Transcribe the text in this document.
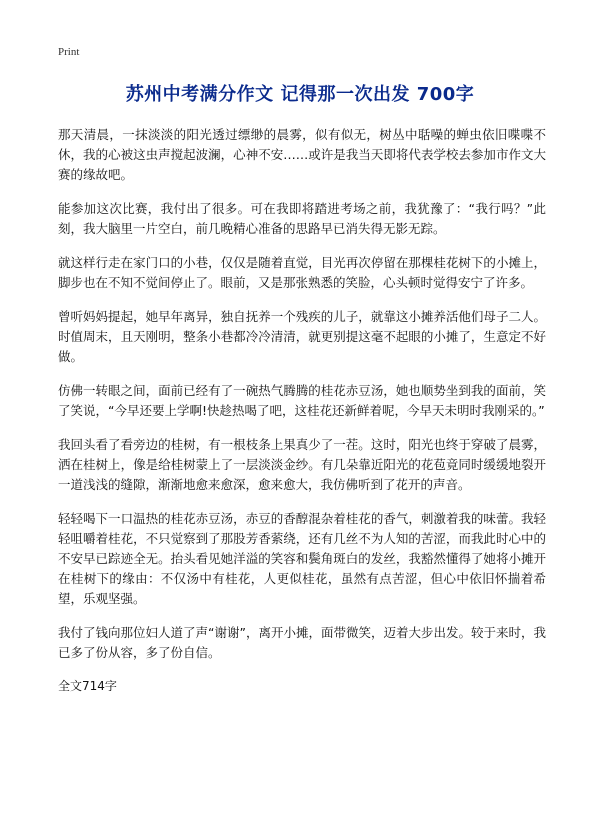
Print
苏州中考满分作文 记得那一次出发 700字

那天清晨，一抹淡淡的阳光透过缥缈的晨雾，似有似无，树丛中聒噪的蝉虫依旧喋喋不休，我的心被这虫声搅起波澜，心神不安……或许是我当天即将代表学校去参加市作文大赛的缘故吧。

能参加这次比赛，我付出了很多。可在我即将踏进考场之前，我犹豫了：“我行吗？”此刻，我大脑里一片空白，前几晚精心准备的思路早已消失得无影无踪。

就这样行走在家门口的小巷，仅仅是随着直觉，目光再次停留在那棵桂花树下的小摊上，脚步也在不知不觉间停止了。眼前，又是那张熟悉的笑脸，心头顿时觉得安宁了许多。

曾听妈妈提起，她早年离异，独自抚养一个残疾的儿子，就靠这小摊养活他们母子二人。时值周末，且天刚明，整条小巷都冷冷清清，就更别提这毫不起眼的小摊了，生意定不好做。

仿佛一转眼之间，面前已经有了一碗热气腾腾的桂花赤豆汤，她也顺势坐到我的面前，笑了笑说，“今早还要上学啊!快趁热喝了吧，这桂花还新鲜着呢，今早天未明时我刚采的。”

我回头看了看旁边的桂树，有一根枝条上果真少了一茬。这时，阳光也终于穿破了晨雾，洒在桂树上，像是给桂树蒙上了一层淡淡金纱。有几朵靠近阳光的花苞竟同时缓缓地裂开一道浅浅的缝隙，渐渐地愈来愈深，愈来愈大，我仿佛听到了花开的声音。

轻轻喝下一口温热的桂花赤豆汤，赤豆的香醇混杂着桂花的香气，刺激着我的味蕾。我轻轻咀嚼着桂花，不只觉察到了那股芳香萦绕，还有几丝不为人知的苦涩，而我此时心中的不安早已踪迹全无。抬头看见她洋溢的笑容和鬓角斑白的发丝，我豁然懂得了她将小摊开在桂树下的缘由：不仅汤中有桂花，人更似桂花，虽然有点苦涩，但心中依旧怀揣着希望，乐观坚强。

我付了钱向那位妇人道了声“谢谢”，离开小摊，面带微笑，迈着大步出发。较于来时，我已多了份从容，多了份自信。

全文714字
